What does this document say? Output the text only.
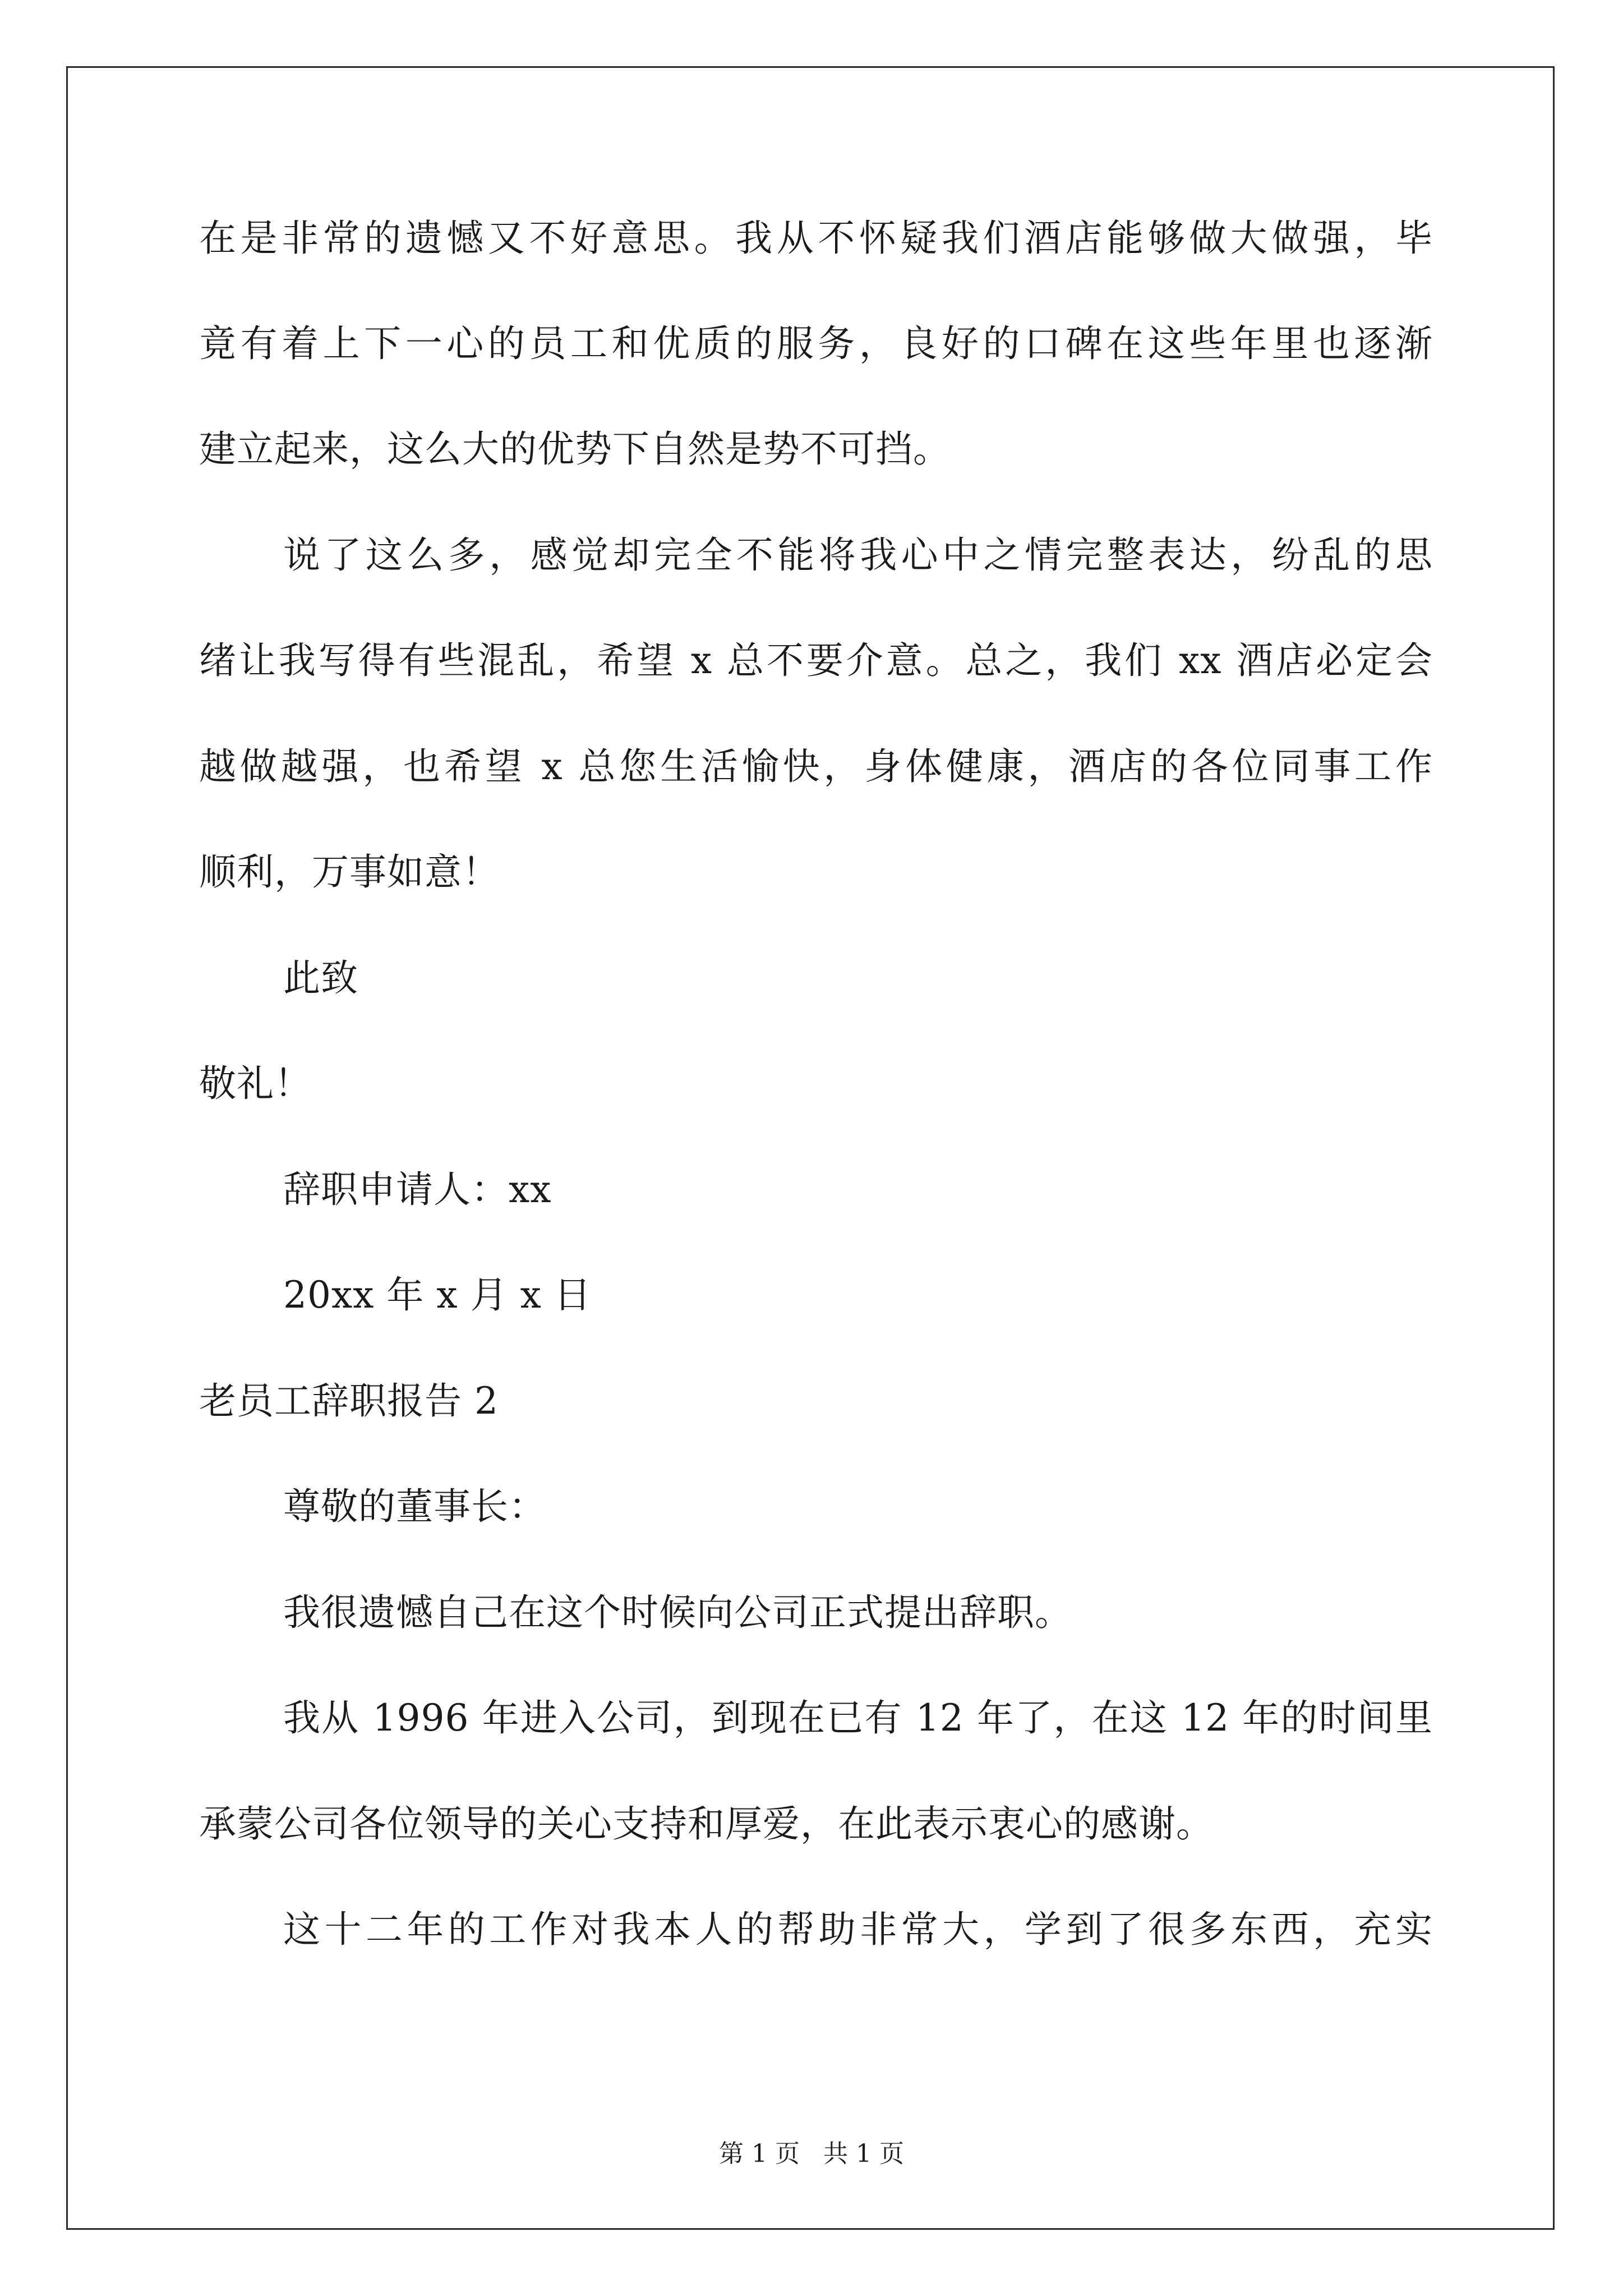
在是非常的遗憾又不好意思。我从不怀疑我们酒店能够做大做强，毕
竟有着上下一心的员工和优质的服务，良好的口碑在这些年里也逐渐
建立起来，这么大的优势下自然是势不可挡。
说了这么多，感觉却完全不能将我心中之情完整表达，纷乱的思
绪让我写得有些混乱，希望 x 总不要介意。总之，我们 xx 酒店必定会
越做越强，也希望 x 总您生活愉快，身体健康，酒店的各位同事工作
顺利，万事如意！
此致
敬礼！
辞职申请人：xx
20xx 年 x 月 x 日
老员工辞职报告 2
尊敬的董事长：
我很遗憾自己在这个时候向公司正式提出辞职。
我从 1996 年进入公司，到现在已有 12 年了，在这 12 年的时间里
承蒙公司各位领导的关心支持和厚爱，在此表示衷心的感谢。
这十二年的工作对我本人的帮助非常大，学到了很多东西，充实
第 1 页   共 1 页
